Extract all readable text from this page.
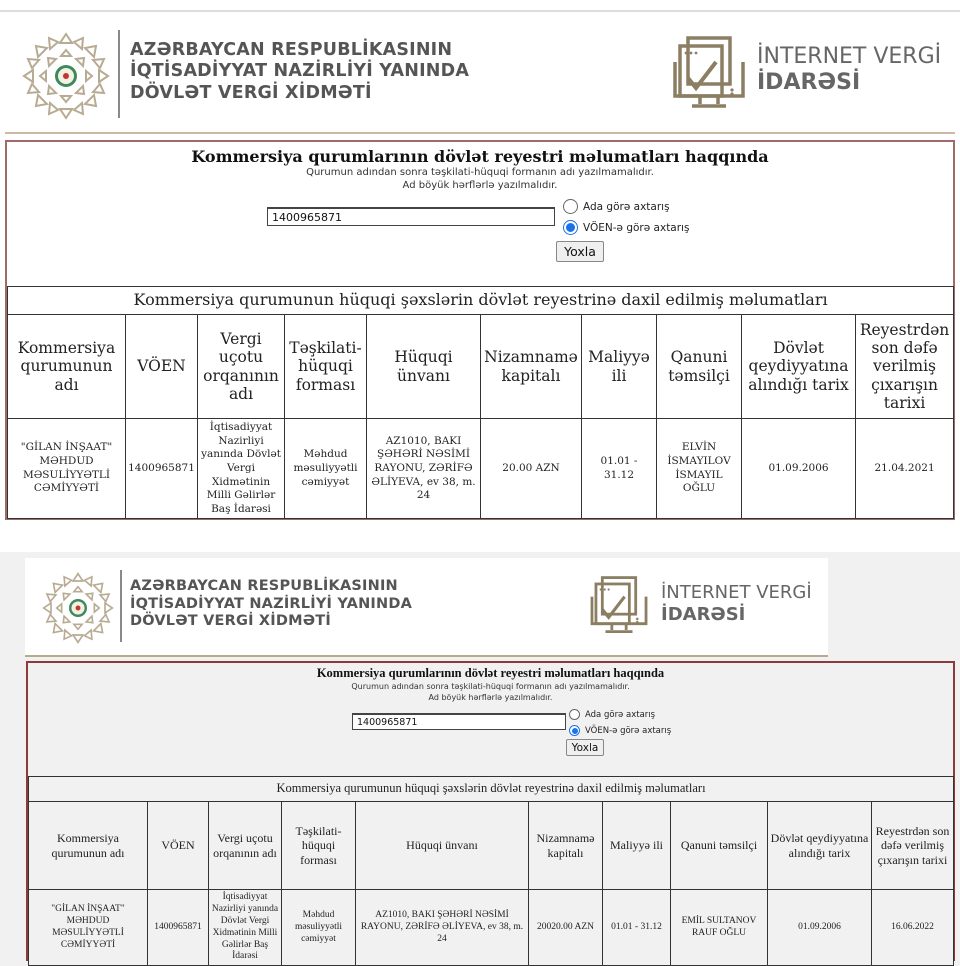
AZƏRBAYCAN RESPUBLİKASININ
İQTİSADİYYAT NAZİRLİYİ YANINDA
DÖVLƏT VERGİ XİDMƏTİ
İNTERNET VERGİ
İDARƏSİ
Kommersiya qurumlarının dövlət reyestri məlumatları haqqında
Qurumun adından sonra təşkilati-hüquqi formanın adı yazılmamalıdır.
Ad böyük hərflərlə yazılmalıdır.
1400965871
Ada görə axtarış
VÖEN-ə görə axtarış
Yoxla
Kommersiya qurumunun hüquqi şəxslərin dövlət reyestrinə daxil edilmiş məlumatları									
Kommersiya qurumunun adı	VÖEN	Vergi uçotu orqanının adı	Təşkilati-hüquqi forması	Hüquqi ünvanı	Nizamnamə kapitalı	Maliyyə ili	Qanuni təmsilçi	Dövlət qeydiyyatına alındığı tarix	Reyestrdən son dəfə verilmiş çıxarışın tarixi
"GİLAN İNŞAAT" MƏHDUD MƏSULİYYƏTLİ CƏMİYYƏTİ	1400965871	İqtisadiyyat Nazirliyi yanında Dövlət Vergi Xidmətinin Milli Gəlirlər Baş İdarəsi	Məhdud məsuliyyətli cəmiyyət	AZ1010, BAKI ŞƏHƏRİ NƏSİMİ RAYONU, ZƏRİFƏ ƏLİYEVA, ev 38, m. 24	20.00 AZN	01.01 - 31.12	ELVİN İSMAYILOV İSMAYIL OĞLU	01.09.2006	21.04.2021
AZƏRBAYCAN RESPUBLİKASININ
İQTİSADİYYAT NAZİRLİYİ YANINDA
DÖVLƏT VERGİ XİDMƏTİ
İNTERNET VERGİ
İDARƏSİ
Kommersiya qurumlarının dövlət reyestri məlumatları haqqında
Qurumun adından sonra təşkilati-hüquqi formanın adı yazılmamalıdır.
Ad böyük hərflərlə yazılmalıdır.
1400965871
Ada görə axtarış
VÖEN-ə görə axtarış
Yoxla
Kommersiya qurumunun hüquqi şəxslərin dövlət reyestrinə daxil edilmiş məlumatları									
Kommersiya qurumunun adı	VÖEN	Vergi uçotu orqanının adı	Təşkilati-hüquqi forması	Hüquqi ünvanı	Nizamnamə kapitalı	Maliyyə ili	Qanuni təmsilçi	Dövlət qeydiyyatına alındığı tarix	Reyestrdən son dəfə verilmiş çıxarışın tarixi
"GİLAN İNŞAAT" MƏHDUD MƏSULİYYƏTLİ CƏMİYYƏTİ	1400965871	İqtisadiyyat Nazirliyi yanında Dövlət Vergi Xidmətinin Milli Gəlirlər Baş İdarəsi	Məhdud məsuliyyətli cəmiyyət	AZ1010, BAKI ŞƏHƏRİ NƏSİMİ RAYONU, ZƏRİFƏ ƏLİYEVA, ev 38, m. 24	20020.00 AZN	01.01 - 31.12	EMİL SULTANOV RAUF OĞLU	01.09.2006	16.06.2022
